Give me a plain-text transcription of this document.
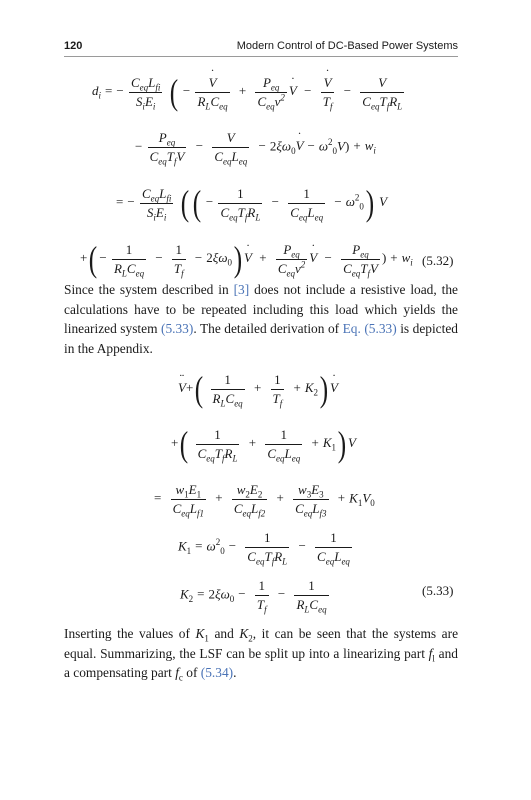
120	Modern Control of DC-Based Power Systems
$d_i$ = − $\frac{C_{eq}L_{fi}}{S_iE_i}$ ( − $\frac{V ˙}{R_LC_{eq}} + \frac{P_{eq}}{C_{eq}v^2}$ V ˙ − $\frac{V ˙}{T_f} - \frac{V}{C_{eq}T_fR_L}$
− $\frac{P_{eq}}{C_{eq}T_fV} - \frac{V}{C_{eq}L_{eq}} - 2\xi\omega_0V$ ˙ − $\omega^2_0V) + w_i$
= − $\frac{C_{eq}L_{fi}}{S_iE_i}$ (( − $\frac{1}{C_{eq}T_fR_L} - \frac{1}{C_{eq}L_{eq}} - \omega^2_0$) V
+( − $\frac{1}{R_LC_{eq}} - \frac{1}{T_f} - 2\xi\omega_0$) V ˙ + $\frac{P_{eq}}{C_{eq}v^2}$ V ˙ − $\frac{P_{eq}}{C_{eq}T_fV}$ ) + $w_i$ (5.32)

Since the system described in [3] does not include a resistive load, the calculations have to be repeated including this load which yields the linearized system (5.33). The detailed derivation of Eq. (5.33) is depicted in the Appendix.

V ¨+( $\frac{1}{R_LC_{eq}} + \frac{1}{T_f} + K_2$) V ˙
+( $\frac{1}{C_{eq}T_fR_L} + \frac{1}{C_{eq}L_{eq}} + K_1$) V
= $\frac{w_1E_1}{C_{eq}L_{f1}} + \frac{w_2E_2}{C_{eq}L_{f2}} + \frac{w_3E_3}{C_{eq}L_{f3}} + K_1V_0$
$K_1 = \omega^2_0 - \frac{1}{C_{eq}T_fR_L} - \frac{1}{C_{eq}L_{eq}}$
$K_2 = 2\xi\omega_0 - \frac{1}{T_f} - \frac{1}{R_LC_{eq}}$	(5.33)

Inserting the values of $K_1$ and $K_2$, it can be seen that the systems are equal. Summarizing, the LSF can be split up into a linearizing part $f_l$ and a compensating part $f_c$ of (5.34).
